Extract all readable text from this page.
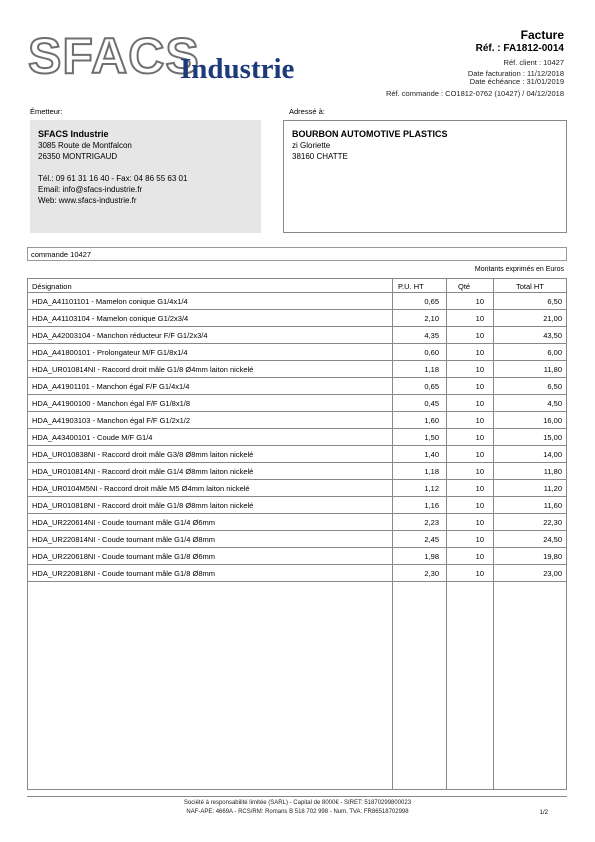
SFACS
Industrie
Facture
Réf. : FA1812-0014
Réf. client : 10427
Date facturation : 11/12/2018
Date échéance : 31/01/2019
Réf. commande : CO1812-0762 (10427) / 04/12/2018
Émetteur:
SFACS Industrie
3085 Route de Montfalcon
26350 MONTRIGAUD
Tél.: 09 61 31 16 40 - Fax: 04 86 55 63 01
Email: info@sfacs-industrie.fr
Web: www.sfacs-industrie.fr
Adressé à:
BOURBON AUTOMOTIVE PLASTICS
zi Gloriette
38160 CHATTE
commande 10427
Montants exprimés en Euros
Désignation	P.U. HT	Qté	Total HT
HDA_A41101101 - Mamelon conique G1/4x1/4	0,65	10	6,50
HDA_A41103104 - Mamelon conique G1/2x3/4	2,10	10	21,00
HDA_A42003104 - Manchon réducteur F/F G1/2x3/4	4,35	10	43,50
HDA_A41800101 - Prolongateur M/F G1/8x1/4	0,60	10	6,00
HDA_UR010814NI - Raccord droit mâle G1/8 Ø4mm laiton nickelé	1,18	10	11,80
HDA_A41901101 - Manchon égal F/F G1/4x1/4	0,65	10	6,50
HDA_A41900100 - Manchon égal F/F G1/8x1/8	0,45	10	4,50
HDA_A41903103 - Manchon égal F/F G1/2x1/2	1,60	10	16,00
HDA_A43400101 - Coude M/F G1/4	1,50	10	15,00
HDA_UR010838NI - Raccord droit mâle G3/8 Ø8mm laiton nickelé	1,40	10	14,00
HDA_UR010814NI - Raccord droit mâle G1/4 Ø8mm laiton nickelé	1,18	10	11,80
HDA_UR0104M5NI - Raccord droit mâle M5 Ø4mm laiton nickelé	1,12	10	11,20
HDA_UR010818NI - Raccord droit mâle G1/8 Ø8mm laiton nickelé	1,16	10	11,60
HDA_UR220614NI - Coude tournant mâle G1/4 Ø6mm	2,23	10	22,30
HDA_UR220814NI - Coude tournant mâle G1/4 Ø8mm	2,45	10	24,50
HDA_UR220618NI - Coude tournant mâle G1/8 Ø6mm	1,98	10	19,80
HDA_UR220818NI - Coude tournant mâle G1/8 Ø8mm	2,30	10	23,00
Société à responsabilité limitée (SARL) - Capital de 8000€ - SIRET: 51870299800023
NAF-APE: 4669A - RCS/RM: Romans B 518 702 998 - Num. TVA: FR86518702998	1/2
